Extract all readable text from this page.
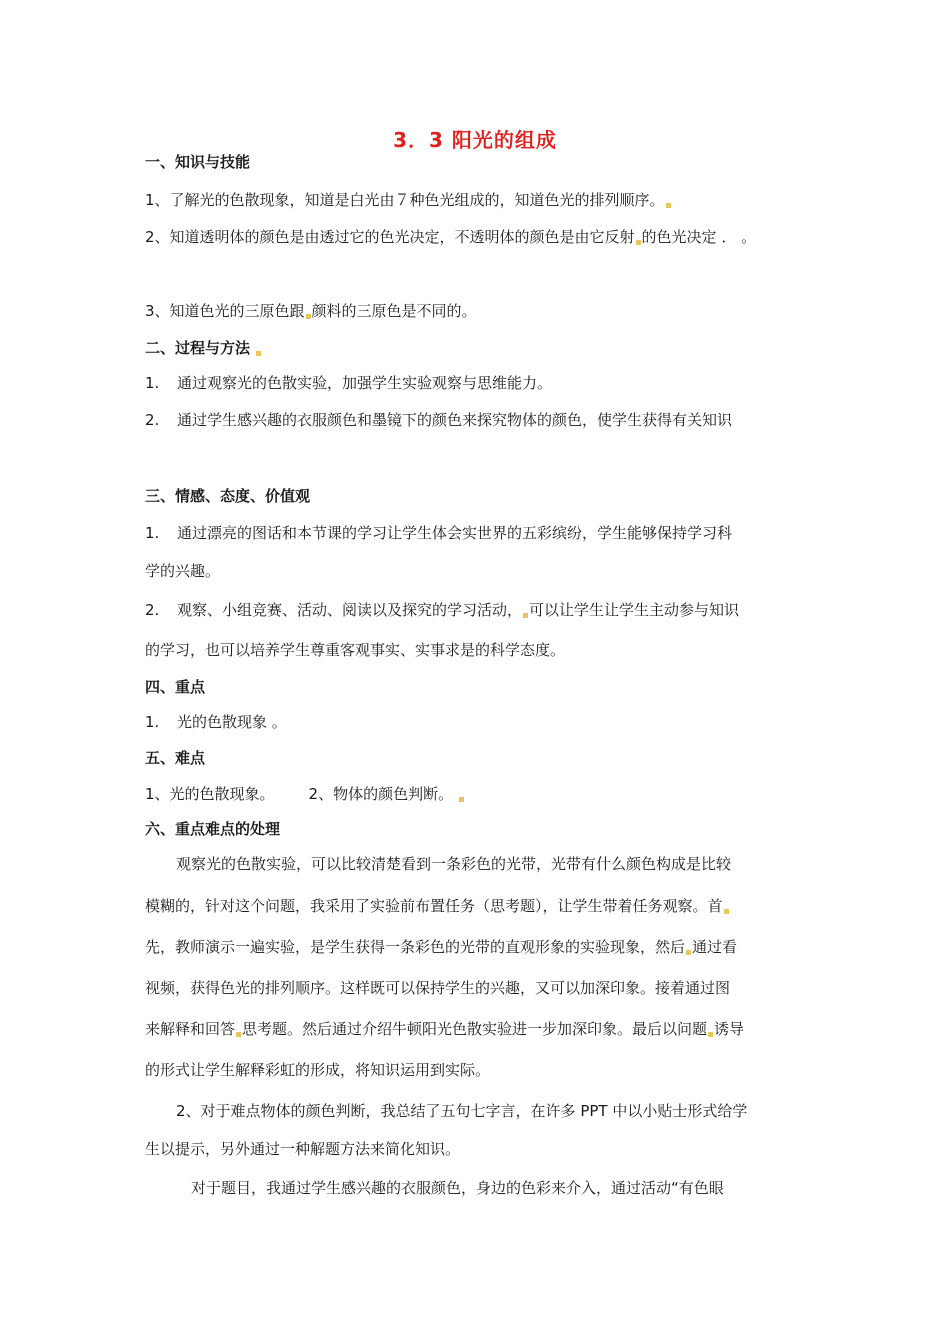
3．3 阳光的组成
一、知识与技能
1、了解光的色散现象，知道是白光由７种色光组成的，知道色光的排列顺序。
2、知道透明体的颜色是由透过它的色光决定，不透明体的颜色是由它反射 的色光决定 ． 。
3、知道色光的三原色跟 颜料的三原色是不同的。
二、过程与方法
1. 通过观察光的色散实验，加强学生实验观察与思维能力。
2. 通过学生感兴趣的衣服颜色和墨镜下的颜色来探究物体的颜色，使学生获得有关知识
三、情感、态度、价值观
1. 通过漂亮的图话和本节课的学习让学生体会实世界的五彩缤纷，学生能够保持学习科
学的兴趣。
2. 观察、小组竞赛、活动、阅读以及探究的学习活动， 可以让学生让学生主动参与知识
的学习，也可以培养学生尊重客观事实、实事求是的科学态度。
四、重点
1. 光的色散现象 。
五、难点
1、光的色散现象。 2、物体的颜色判断。
六、重点难点的处理
观察光的色散实验，可以比较清楚看到一条彩色的光带，光带有什么颜色构成是比较
模糊的，针对这个问题，我采用了实验前布置任务（思考题），让学生带着任务观察。首
先，教师演示一遍实验，是学生获得一条彩色的光带的直观形象的实验现象，然后 通过看
视频，获得色光的排列顺序。这样既可以保持学生的兴趣，又可以加深印象。接着通过图
来解释和回答 思考题。然后通过介绍牛顿阳光色散实验进一步加深印象。最后以问题 诱导
的形式让学生解释彩虹的形成，将知识运用到实际。
2、对于难点物体的颜色判断，我总结了五句七字言，在许多 PPT 中以小贴士形式给学
生以提示，另外通过一种解题方法来简化知识。
对于题目，我通过学生感兴趣的衣服颜色，身边的色彩来介入，通过活动“有色眼
